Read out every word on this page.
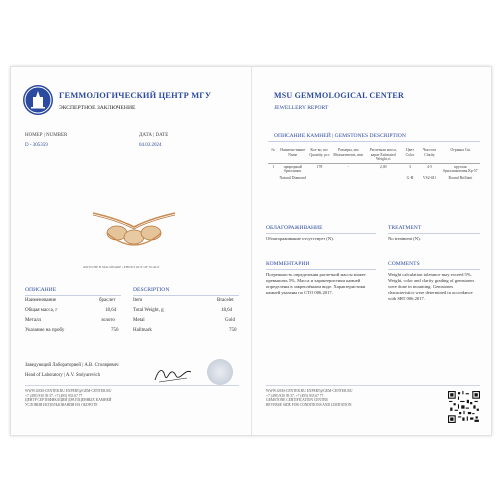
ГЕММОЛОГИЧЕСКИЙ ЦЕНТР МГУ
ЭКСПЕРТНОЕ ЗАКЛЮЧЕНИЕ
НОМЕР | NUMBER
D - 305359
ДАТА | DATE
04.03.2024
ФОТО НЕ В МАСШТАБЕ | PHOTO OUT OF SCALE
ОПИСАНИЕ	DESCRIPTION
Наименование	браслет	Item	Bracelet
Общая масса, г	18,64	Total Weight, g	18,64
Металл	золото	Metal	Gold
Указание на пробу	750	Hallmark	750
Заведующий Лабораторией | А.В. Столяревич
Head of Laboratory | A.V. Stolyarevich
WWW.GEM-CENTER.RU EXPERT@GEM-CENTER.RU
+7 (495) 930 39 37, +7 (495) 933 67 77
ЦЕНТР СЕРТИФИКАЦИИ ДРАГОЦЕННЫХ КАМНЕЙ
УСЛОВИЯ ИСПОЛЬЗОВАНИЯ НА ОБОРОТЕ
MSU GEMMOLOGICAL CENTER
JEWELLERY REPORT
ОПИСАНИЕ КАМНЕЙ | GEMSTONES DESCRIPTION
№	Наимено-вание Name	Кол-во, шт. Quantity, pcs	Размеры, мм Measurements, mm	Расчетная масса, карат Estimated Weight,ct	Цвет Color	Чистота Clarity	Огранка Cut
1	природный бриллиант	178	-	2,00	3	4-5	круглая бриллиантовая Кр-57
	Natural Diamond				G-H	VS2-SI1	Round Brilliant
ОБЛАГОРАЖИВАНИЕ	TREATMENT
Облагораживание отсутствует (N).	No treatment (N).
КОММЕНТАРИИ	COMMENTS
Погрешность определения расчетной массы может превышать 5%. Масса и характеристики камней определены в закреплённом виде. Характеристики камней указаны по СТО 006.2017.
Weight calculation tolerance may exceed 5%. Weight, color and clarity grading of gemstones were done in mounting. Gemstones characteristics were determined in accordance with SRT 006.2017.
WWW.GEM-CENTER.RU EXPERT@GEM-CENTER.RU
+7 (495) 930 39 37, +7 (495) 933 67 77
GEMSTONE CERTIFICATION CENTER
REVERSE SIDE FOR CONDITIONS AND LIMITATION
